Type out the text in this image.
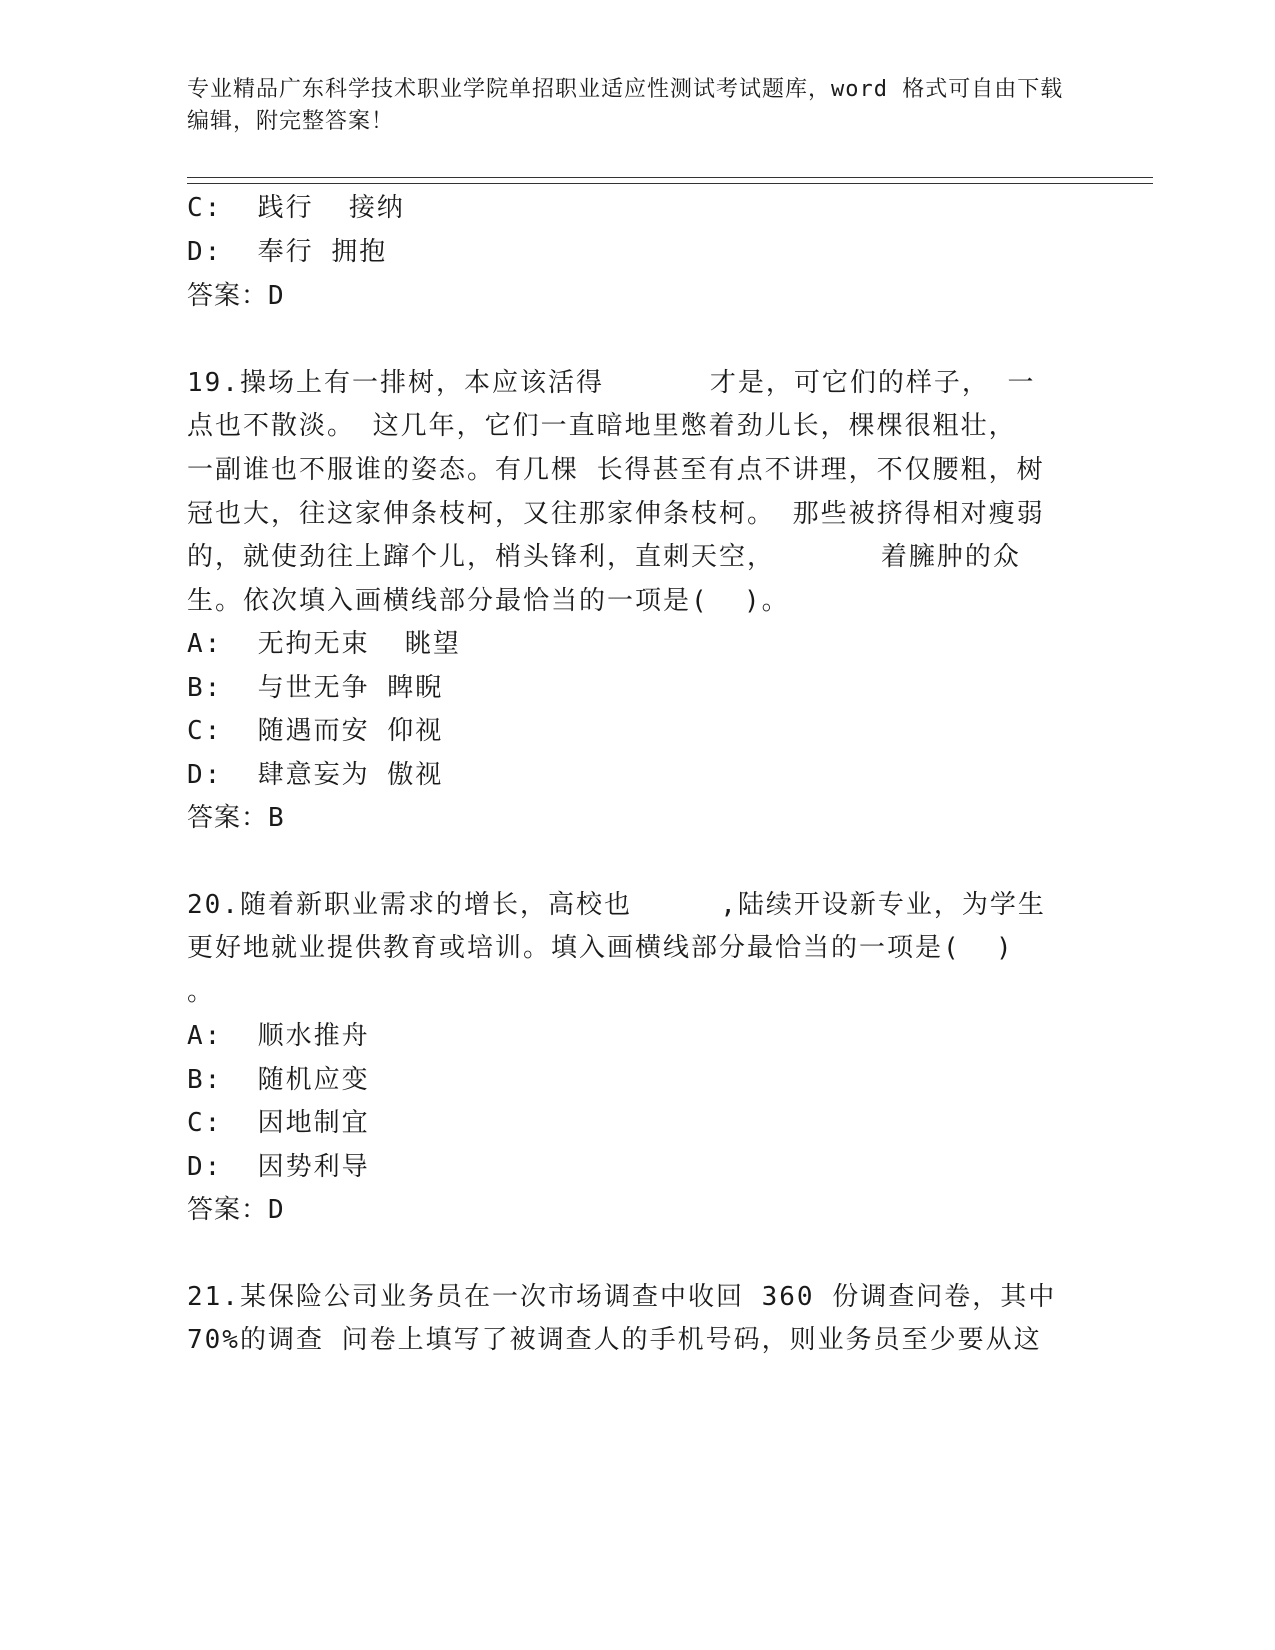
专业精品广东科学技术职业学院单招职业适应性测试考试题库，word 格式可自由下载编辑，附完整答案！
C:  践行  接纳
D:  奉行 拥抱
答案：D
19.操场上有一排树，本应该活得      才是，可它们的样子， 一
点也不散淡。 这几年，它们一直暗地里憋着劲儿长，棵棵很粗壮，
一副谁也不服谁的姿态。有几棵 长得甚至有点不讲理，不仅腰粗，树
冠也大，往这家伸条枝柯，又往那家伸条枝柯。 那些被挤得相对瘦弱
的，就使劲往上蹿个儿，梢头锋利，直刺天空，      着臃肿的众
生。依次填入画横线部分最恰当的一项是(  )。
A:  无拘无束  眺望
B:  与世无争 睥睨
C:  随遇而安 仰视
D:  肆意妄为 傲视
答案：B
20.随着新职业需求的增长，高校也     ,陆续开设新专业，为学生
更好地就业提供教育或培训。填入画横线部分最恰当的一项是(  )
。
A:  顺水推舟
B:  随机应变
C:  因地制宜
D:  因势利导
答案：D
21.某保险公司业务员在一次市场调查中收回 360 份调查问卷，其中
70%的调查 问卷上填写了被调查人的手机号码，则业务员至少要从这
